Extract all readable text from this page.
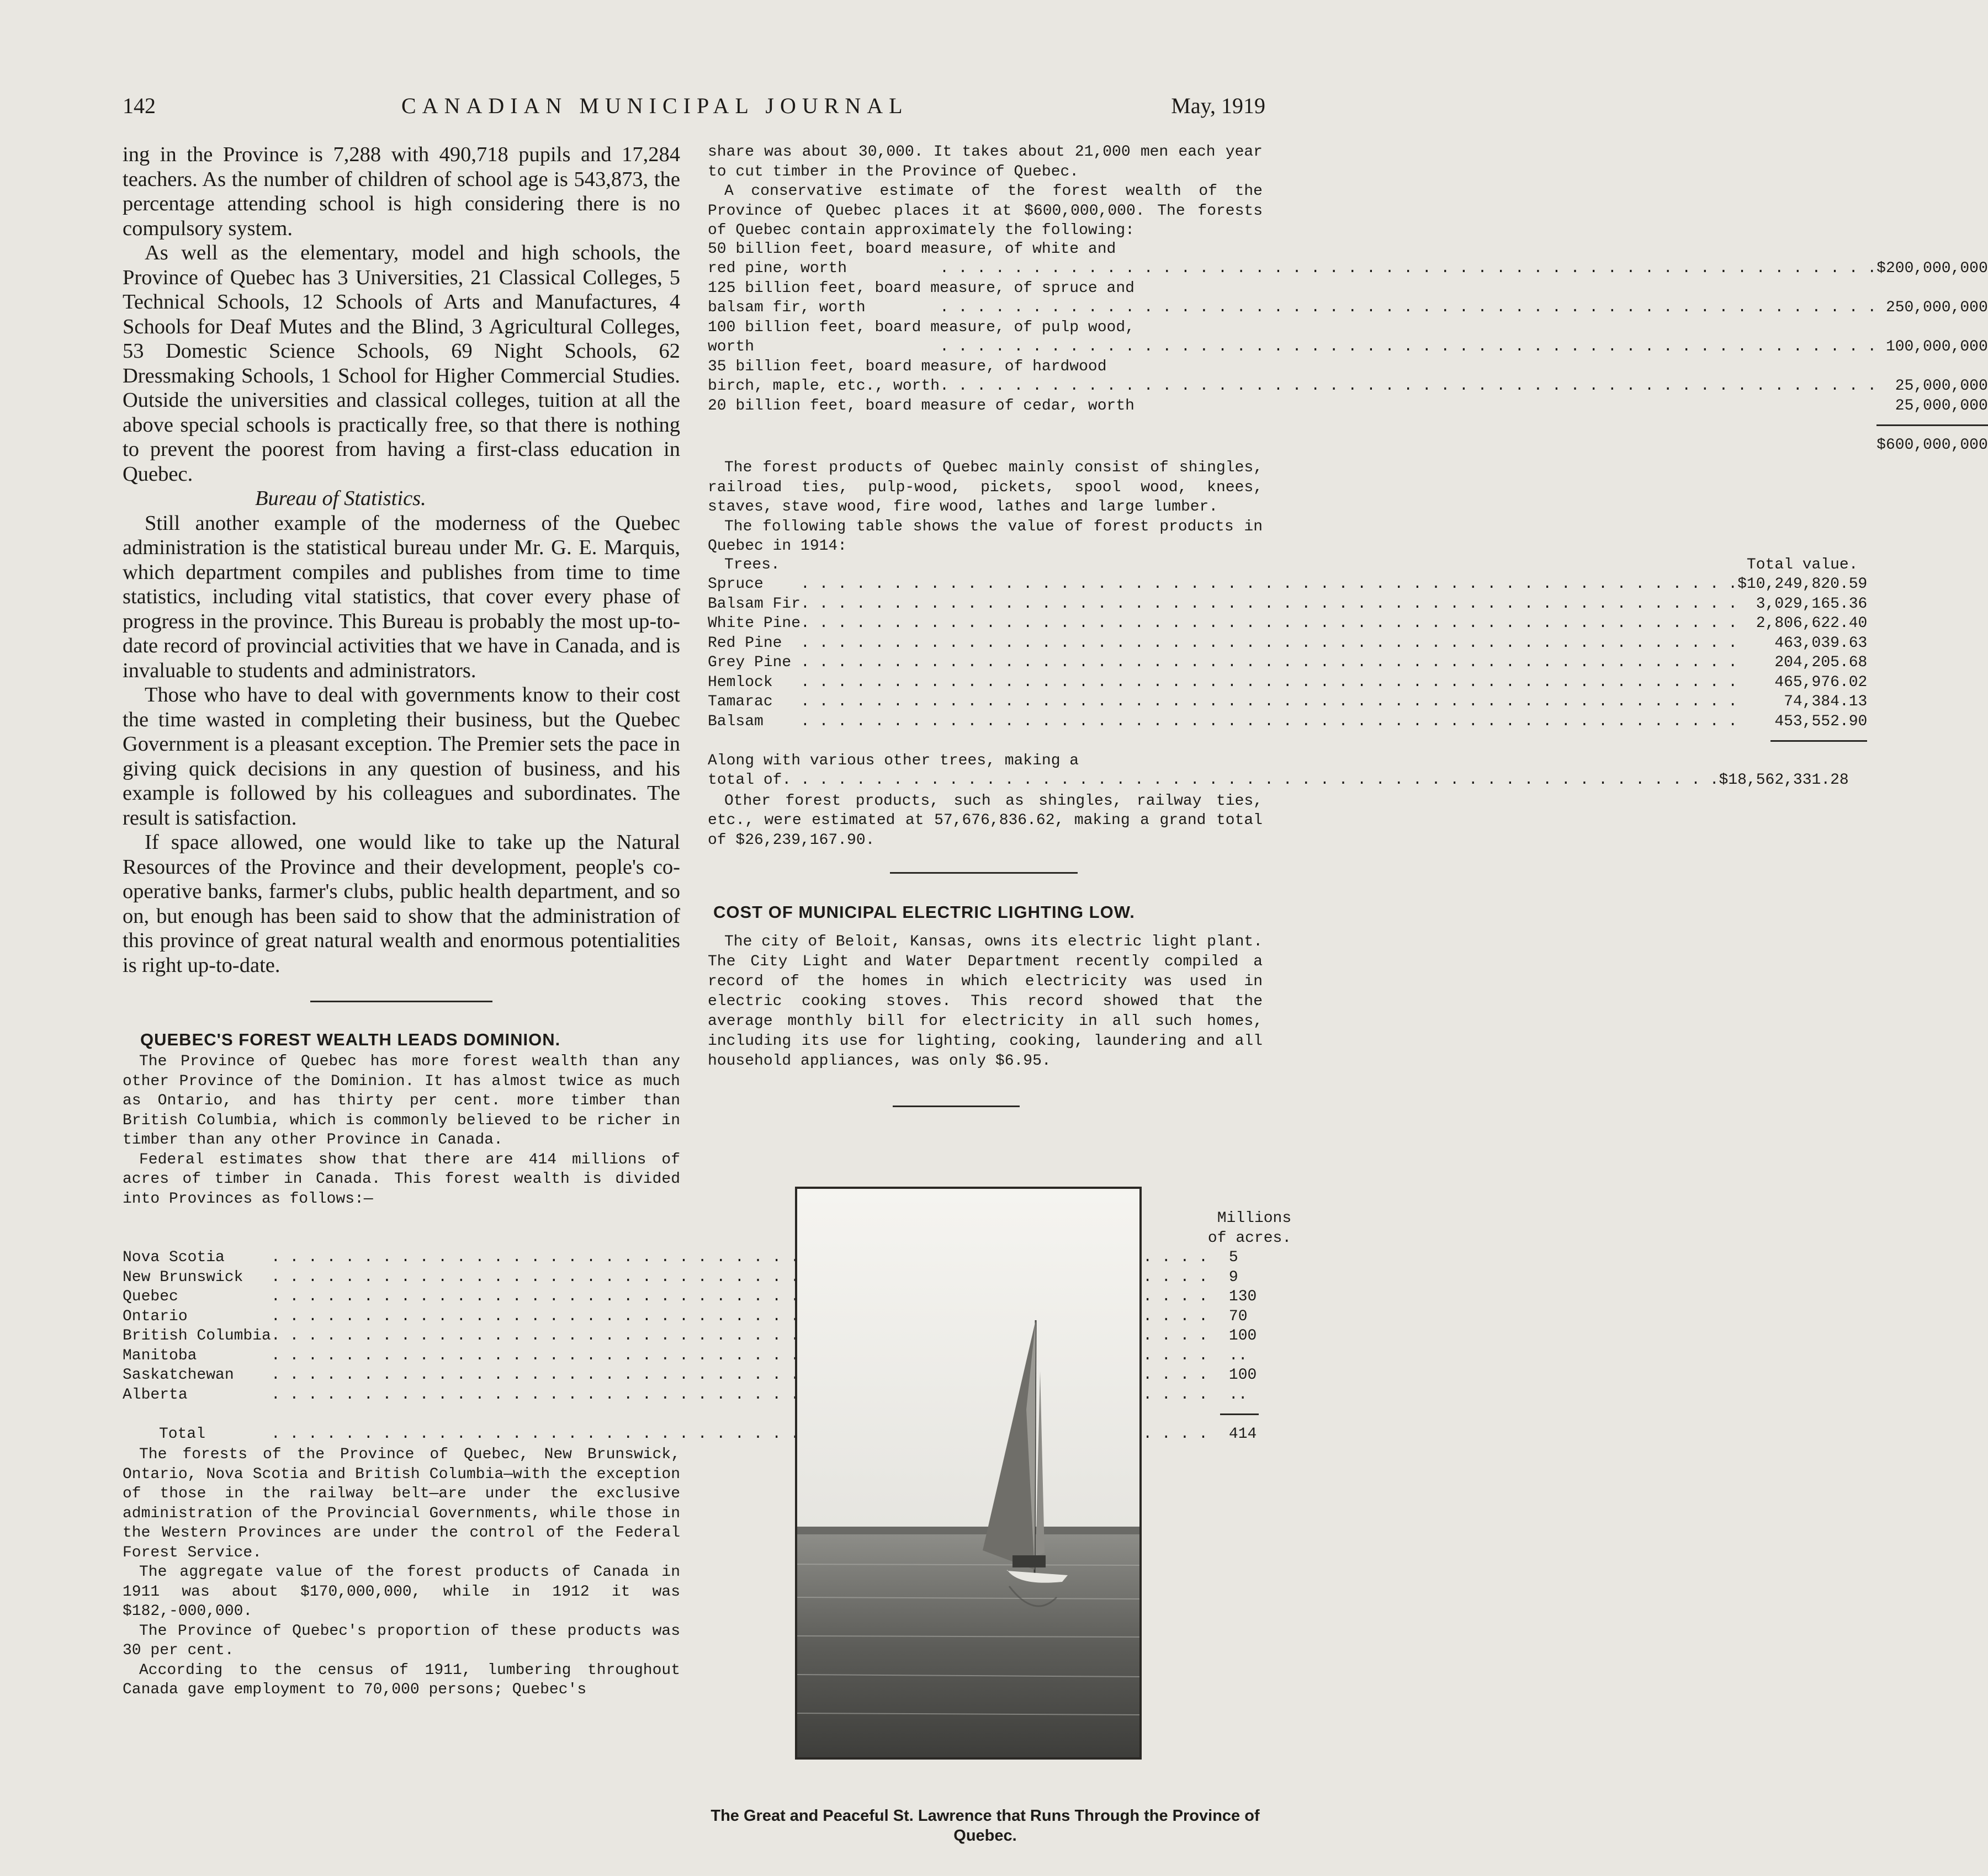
142	CANADIAN MUNICIPAL JOURNAL	May, 1919

ing in the Province is 7,288 with 490,718 pupils and 17,284 teachers. As the number of children of school age is 543,873, the percentage attending school is high considering there is no compulsory system.

As well as the elementary, model and high schools, the Province of Quebec has 3 Universities, 21 Classical Colleges, 5 Technical Schools, 12 Schools of Arts and Manufactures, 4 Schools for Deaf Mutes and the Blind, 3 Agricultural Colleges, 53 Domestic Science Schools, 69 Night Schools, 62 Dressmaking Schools, 1 School for Higher Commercial Studies. Outside the universities and classical colleges, tuition at all the above special schools is practically free, so that there is nothing to prevent the poorest from having a first-class education in Quebec.

Bureau of Statistics.

Still another example of the moderness of the Quebec administration is the statistical bureau under Mr. G. E. Marquis, which department compiles and publishes from time to time statistics, including vital statistics, that cover every phase of progress in the province. This Bureau is probably the most up-to-date record of provincial activities that we have in Canada, and is invaluable to students and administrators.

Those who have to deal with governments know to their cost the time wasted in completing their business, but the Quebec Government is a pleasant exception. The Premier sets the pace in giving quick decisions in any question of business, and his example is followed by his colleagues and subordinates. The result is satisfaction.

If space allowed, one would like to take up the Natural Resources of the Province and their development, people's co-operative banks, farmer's clubs, public health department, and so on, but enough has been said to show that the administration of this province of great natural wealth and enormous potentialities is right up-to-date.

QUEBEC'S FOREST WEALTH LEADS DOMINION.

The Province of Quebec has more forest wealth than any other Province of the Dominion. It has almost twice as much as Ontario, and has thirty per cent. more timber than British Columbia, which is commonly believed to be richer in timber than any other Province in Canada.

Federal estimates show that there are 414 millions of acres of timber in Canada. This forest wealth is divided into Provinces as follows:—

			Millions
			of acres.
	Nova Scotia	. . .	5
	New Brunswick	. . .	9
	Quebec	. . .	130
	Ontario	. . .	70
	British Columbia	. . .	100
	Manitoba	. . .	..
	Saskatchewan	. . .	100
	Alberta	. . .	..

	Total	. . .	414

The forests of the Province of Quebec, New Brunswick, Ontario, Nova Scotia and British Columbia—with the exception of those in the railway belt—are under the exclusive administration of the Provincial Governments, while those in the Western Provinces are under the control of the Federal Forest Service.

The aggregate value of the forest products of Canada in 1911 was about $170,000,000, while in 1912 it was $182,-000,000.

The Province of Quebec's proportion of these products was 30 per cent.

According to the census of 1911, lumbering throughout Canada gave employment to 70,000 persons; Quebec's

share was about 30,000. It takes about 21,000 men each year to cut timber in the Province of Quebec.

A conservative estimate of the forest wealth of the Province of Quebec places it at $600,000,000. The forests of Quebec contain approximately the following:

50 billion feet, board measure, of white and		
	red pine, worth	. . .	$200,000,000
125 billion feet, board measure, of spruce and		
	balsam fir, worth	. . .	250,000,000
100 billion feet, board measure, of pulp wood,		
	worth	. . .	100,000,000
35 billion feet, board measure, of hardwood		
	birch, maple, etc., worth	. . .	25,000,000
20 billion feet, board measure of cedar, worth		25,000,000

			$600,000,000

The forest products of Quebec mainly consist of shingles, railroad ties, pulp-wood, pickets, spool wood, knees, staves, stave wood, fire wood, lathes and large lumber.

The following table shows the value of forest products in Quebec in 1914:

	Trees.		Total value.
	Spruce	. . .	$10,249,820.59
	Balsam Fir	. . .	3,029,165.36
	White Pine	. . .	2,806,622.40
	Red Pine	. . .	463,039.63
	Grey Pine	. . .	204,205.68
	Hemlock	. . .	465,976.02
	Tamarac	. . .	74,384.13
	Balsam	. . .	453,552.90

Along with various other trees, making a
	total of	. . .	$18,562,331.28

Other forest products, such as shingles, railway ties, etc., were estimated at 57,676,836.62, making a grand total of $26,239,167.90.

COST OF MUNICIPAL ELECTRIC LIGHTING LOW.

The city of Beloit, Kansas, owns its electric light plant. The City Light and Water Department recently compiled a record of the homes in which electricity was used in electric cooking stoves. This record showed that the average monthly bill for electricity in all such homes, including its use for lighting, cooking, laundering and all household appliances, was only $6.95.

The Great and Peaceful St. Lawrence that Runs Through the Province of Quebec.
